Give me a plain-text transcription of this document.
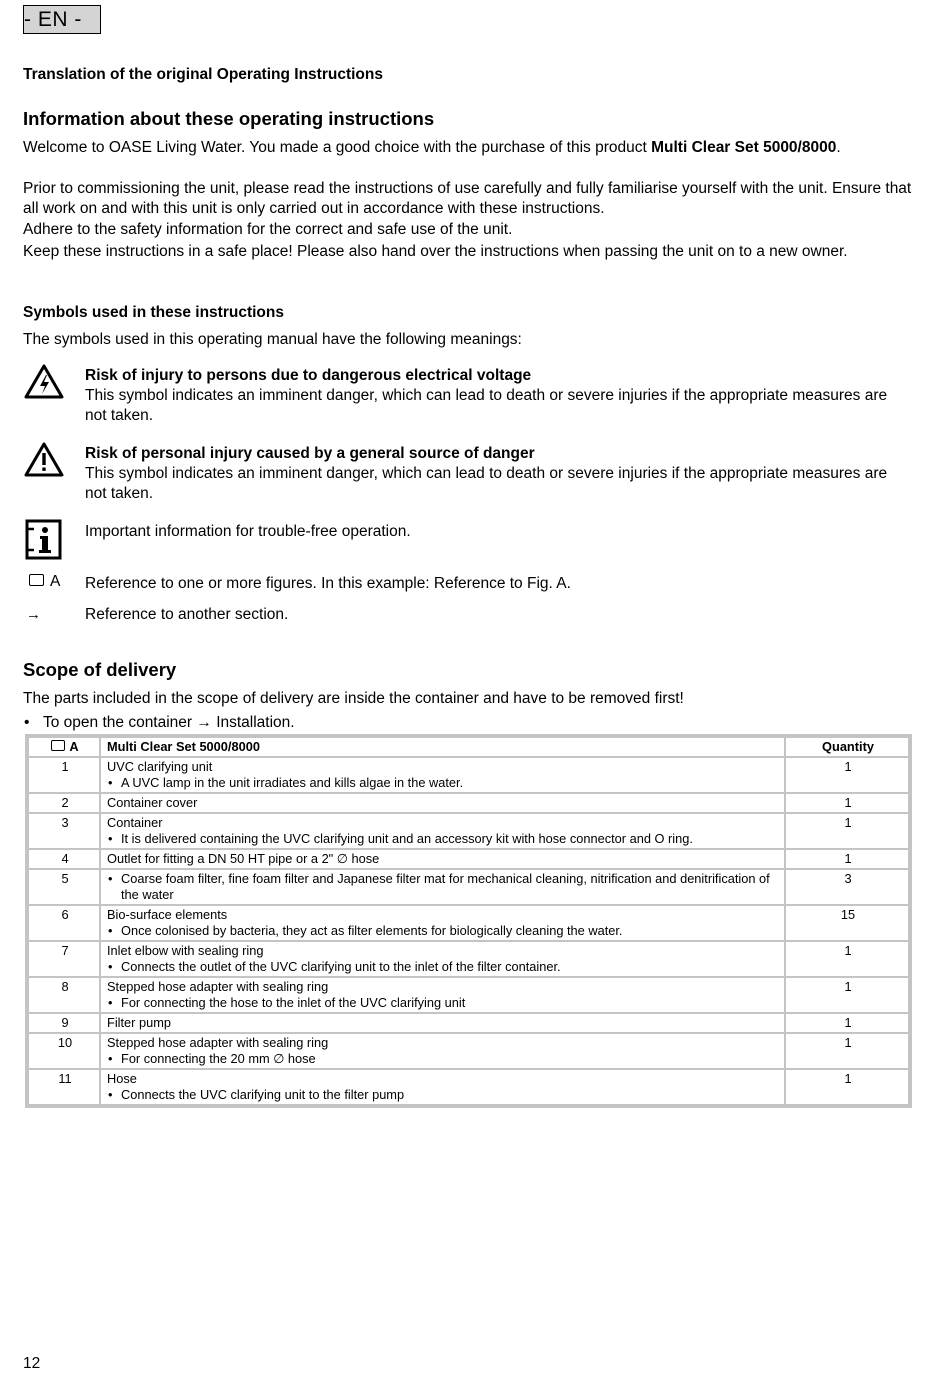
- EN -
Translation of the original Operating Instructions
Information about these operating instructions
Welcome to OASE Living Water. You made a good choice with the purchase of this product Multi Clear Set 5000/8000.
Prior to commissioning the unit, please read the instructions of use carefully and fully familiarise yourself with the unit. Ensure that all work on and with this unit is only carried out in accordance with these instructions.
Adhere to the safety information for the correct and safe use of the unit.
Keep these instructions in a safe place! Please also hand over the instructions when passing the unit on to a new owner.
Symbols used in these instructions
The symbols used in this operating manual have the following meanings:
Risk of injury to persons due to dangerous electrical voltage
This symbol indicates an imminent danger, which can lead to death or severe injuries if the appropriate measures are not taken.
Risk of personal injury caused by a general source of danger
This symbol indicates an imminent danger, which can lead to death or severe injuries if the appropriate measures are not taken.
Important information for trouble-free operation.
A Reference to one or more figures. In this example: Reference to Fig. A.
→	Reference to another section.
Scope of delivery
The parts included in the scope of delivery are inside the container and have to be removed first!
• To open the container → Installation.
A	Multi Clear Set 5000/8000	Quantity
1	UVC clarifying unit
• A UVC lamp in the unit irradiates and kills algae in the water.	1
2	Container cover	1
3	Container
• It is delivered containing the UVC clarifying unit and an accessory kit with hose connector and O ring.	1
4	Outlet for fitting a DN 50 HT pipe or a 2" ∅ hose	1
5	• Coarse foam filter, fine foam filter and Japanese filter mat for mechanical cleaning, nitrification and denitrification of the water	3
6	Bio-surface elements
• Once colonised by bacteria, they act as filter elements for biologically cleaning the water.	15
7	Inlet elbow with sealing ring
• Connects the outlet of the UVC clarifying unit to the inlet of the filter container.	1
8	Stepped hose adapter with sealing ring
• For connecting the hose to the inlet of the UVC clarifying unit	1
9	Filter pump	1
10	Stepped hose adapter with sealing ring
• For connecting the 20 mm ∅ hose	1
11	Hose
• Connects the UVC clarifying unit to the filter pump	1
12
